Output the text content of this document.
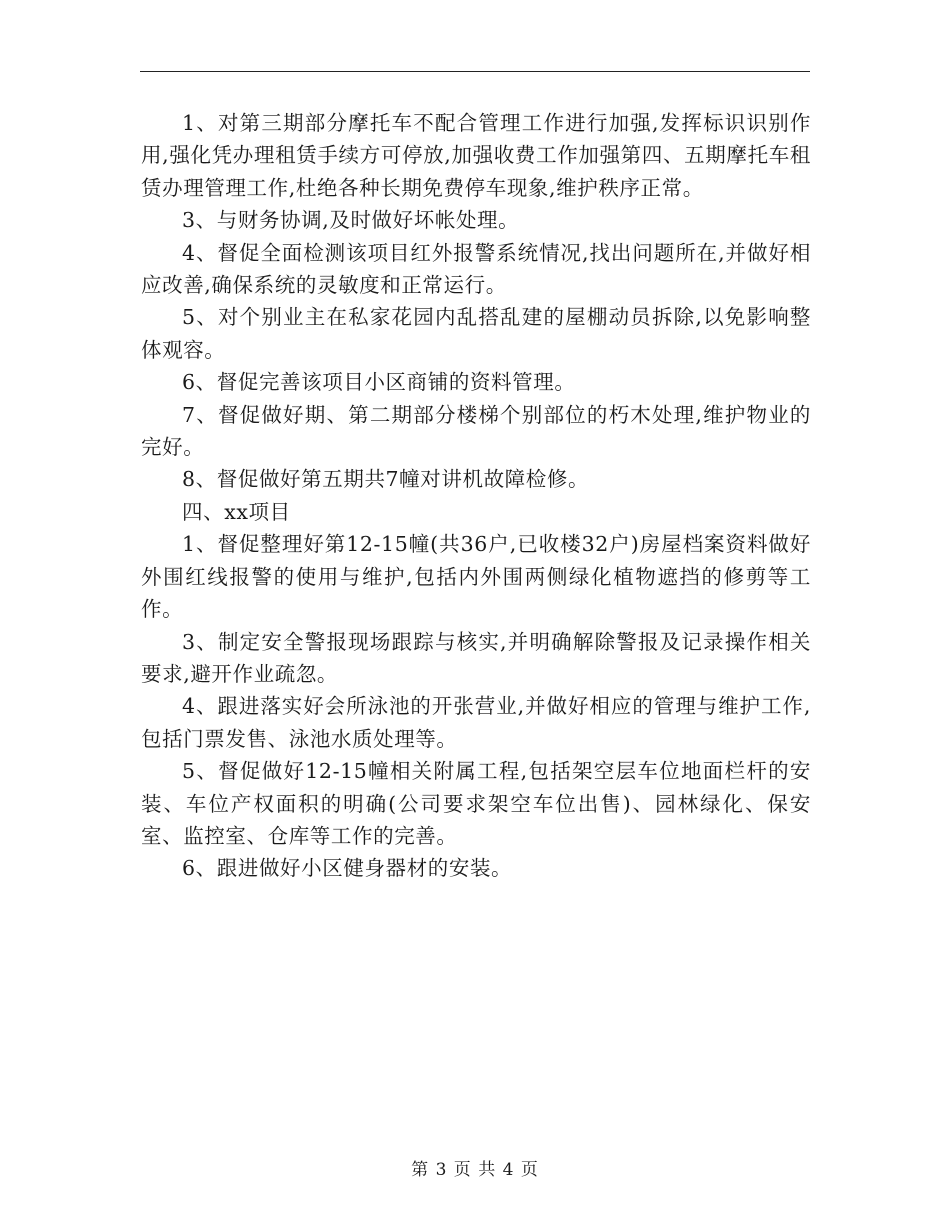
1、对第三期部分摩托车不配合管理工作进行加强,发挥标识识别作用,强化凭办理租赁手续方可停放,加强收费工作加强第四、五期摩托车租赁办理管理工作,杜绝各种长期免费停车现象,维护秩序正常。

3、与财务协调,及时做好坏帐处理。

4、督促全面检测该项目红外报警系统情况,找出问题所在,并做好相应改善,确保系统的灵敏度和正常运行。

5、对个别业主在私家花园内乱搭乱建的屋棚动员拆除,以免影响整体观容。

6、督促完善该项目小区商铺的资料管理。

7、督促做好期、第二期部分楼梯个别部位的朽木处理,维护物业的完好。

8、督促做好第五期共7幢对讲机故障检修。

四、xx项目

1、督促整理好第12-15幢(共36户,已收楼32户)房屋档案资料做好外围红线报警的使用与维护,包括内外围两侧绿化植物遮挡的修剪等工作。

3、制定安全警报现场跟踪与核实,并明确解除警报及记录操作相关要求,避开作业疏忽。

4、跟进落实好会所泳池的开张营业,并做好相应的管理与维护工作,包括门票发售、泳池水质处理等。

5、督促做好12-15幢相关附属工程,包括架空层车位地面栏杆的安装、车位产权面积的明确(公司要求架空车位出售)、园林绿化、保安室、监控室、仓库等工作的完善。

6、跟进做好小区健身器材的安装。

第 3 页 共 4 页
